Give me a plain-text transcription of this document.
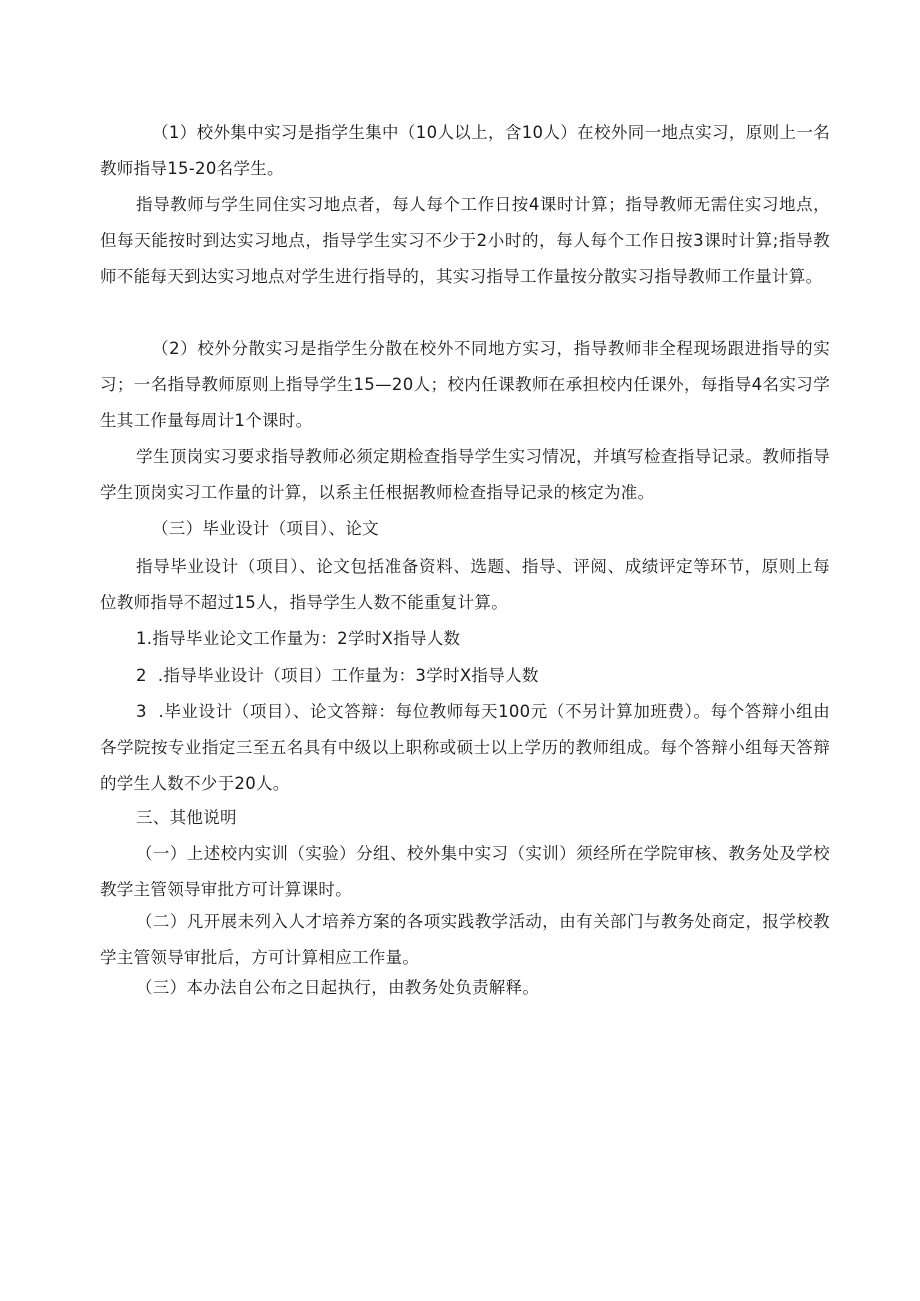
（1）校外集中实习是指学生集中（10人以上，含10人）在校外同一地点实习，原则上一名教师指导15-20名学生。

指导教师与学生同住实习地点者，每人每个工作日按4课时计算；指导教师无需住实习地点，但每天能按时到达实习地点，指导学生实习不少于2小时的，每人每个工作日按3课时计算;指导教师不能每天到达实习地点对学生进行指导的，其实习指导工作量按分散实习指导教师工作量计算。

（2）校外分散实习是指学生分散在校外不同地方实习，指导教师非全程现场跟进指导的实习；一名指导教师原则上指导学生15—20人；校内任课教师在承担校内任课外，每指导4名实习学生其工作量每周计1个课时。

学生顶岗实习要求指导教师必须定期检查指导学生实习情况，并填写检查指导记录。教师指导学生顶岗实习工作量的计算，以系主任根据教师检查指导记录的核定为准。

（三）毕业设计（项目）、论文

指导毕业设计（项目）、论文包括准备资料、选题、指导、评阅、成绩评定等环节，原则上每位教师指导不超过15人，指导学生人数不能重复计算。

1.指导毕业论文工作量为：2学时X指导人数

2  .指导毕业设计（项目）工作量为：3学时X指导人数

3  .毕业设计（项目）、论文答辩：每位教师每天100元（不另计算加班费）。每个答辩小组由各学院按专业指定三至五名具有中级以上职称或硕士以上学历的教师组成。每个答辩小组每天答辩的学生人数不少于20人。

三、其他说明

（一）上述校内实训（实验）分组、校外集中实习（实训）须经所在学院审核、教务处及学校教学主管领导审批方可计算课时。

（二）凡开展未列入人才培养方案的各项实践教学活动，由有关部门与教务处商定，报学校教学主管领导审批后，方可计算相应工作量。

（三）本办法自公布之日起执行，由教务处负责解释。
